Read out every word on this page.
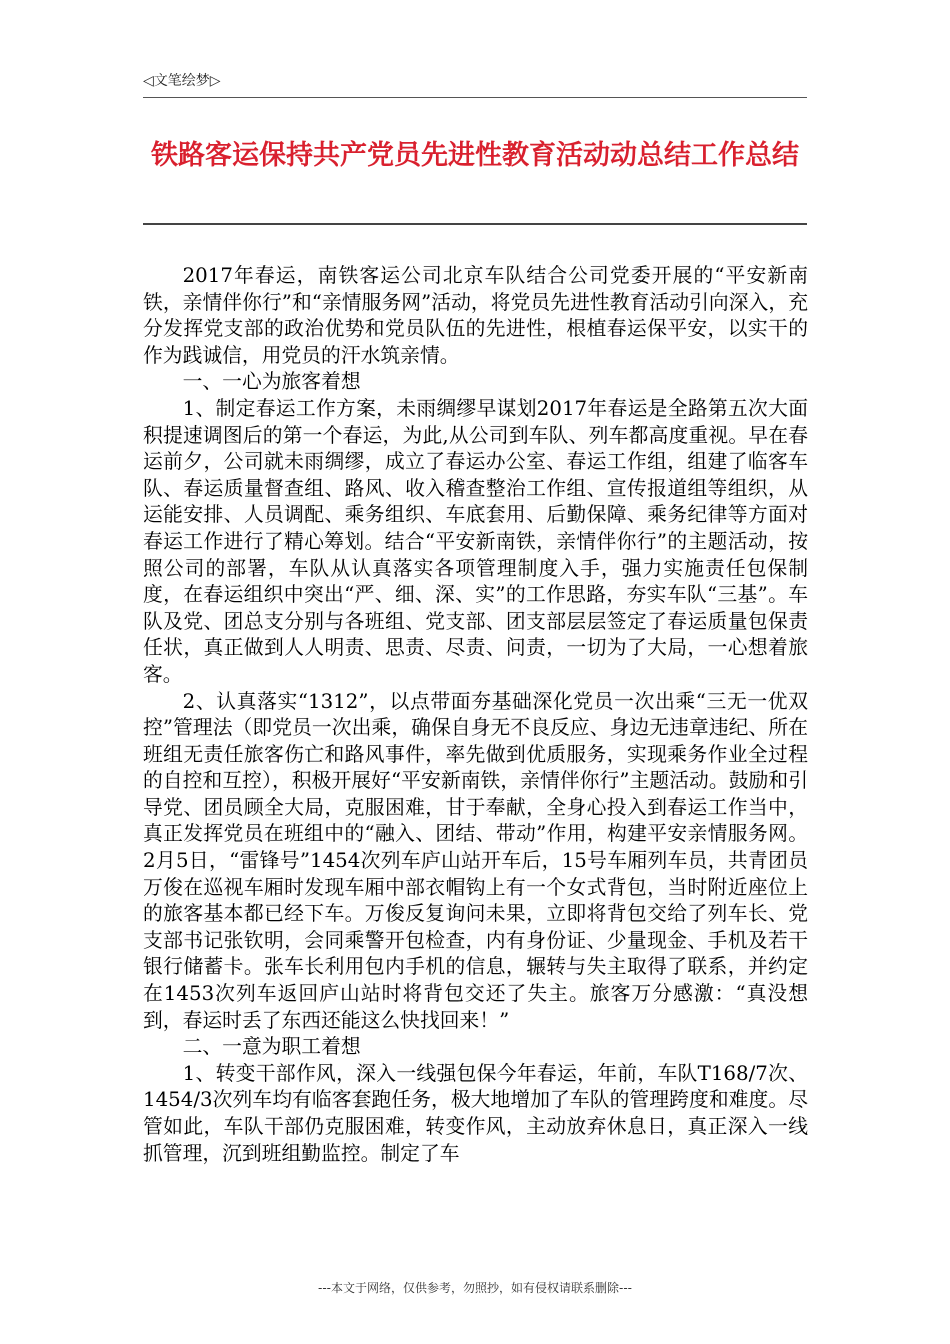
◁文笔绘梦▷
铁路客运保持共产党员先进性教育活动动总结工作总结

2017年春运，南铁客运公司北京车队结合公司党委开展的“平安新南铁，亲情伴你行”和“亲情服务网”活动，将党员先进性教育活动引向深入，充分发挥党支部的政治优势和党员队伍的先进性，根植春运保平安，以实干的作为践诚信，用党员的汗水筑亲情。

一、一心为旅客着想

1、制定春运工作方案，未雨绸缪早谋划2017年春运是全路第五次大面积提速调图后的第一个春运，为此,从公司到车队、列车都高度重视。早在春运前夕，公司就未雨绸缪，成立了春运办公室、春运工作组，组建了临客车队、春运质量督查组、路风、收入稽查整治工作组、宣传报道组等组织，从运能安排、人员调配、乘务组织、车底套用、后勤保障、乘务纪律等方面对春运工作进行了精心筹划。结合“平安新南铁，亲情伴你行”的主题活动，按照公司的部署，车队从认真落实各项管理制度入手，强力实施责任包保制度，在春运组织中突出“严、细、深、实”的工作思路，夯实车队“三基”。车队及党、团总支分别与各班组、党支部、团支部层层签定了春运质量包保责任状，真正做到人人明责、思责、尽责、问责，一切为了大局，一心想着旅客。

2、认真落实“1312”，以点带面夯基础深化党员一次出乘“三无一优双控”管理法（即党员一次出乘，确保自身无不良反应、身边无违章违纪、所在班组无责任旅客伤亡和路风事件，率先做到优质服务，实现乘务作业全过程的自控和互控），积极开展好“平安新南铁，亲情伴你行”主题活动。鼓励和引导党、团员顾全大局，克服困难，甘于奉献，全身心投入到春运工作当中，真正发挥党员在班组中的“融入、团结、带动”作用，构建平安亲情服务网。2月5日，“雷锋号”1454次列车庐山站开车后，15号车厢列车员，共青团员万俊在巡视车厢时发现车厢中部衣帽钩上有一个女式背包，当时附近座位上的旅客基本都已经下车。万俊反复询问未果，立即将背包交给了列车长、党支部书记张钦明，会同乘警开包检查，内有身份证、少量现金、手机及若干银行储蓄卡。张车长利用包内手机的信息，辗转与失主取得了联系，并约定在1453次列车返回庐山站时将背包交还了失主。旅客万分感激：“真没想到，春运时丢了东西还能这么快找回来！”

二、一意为职工着想

1、转变干部作风，深入一线强包保今年春运，年前，车队T168/7次、1454/3次列车均有临客套跑任务，极大地增加了车队的管理跨度和难度。尽管如此，车队干部仍克服困难，转变作风，主动放弃休息日，真正深入一线抓管理，沉到班组勤监控。制定了车

---本文于网络，仅供参考，勿照抄，如有侵权请联系删除---
